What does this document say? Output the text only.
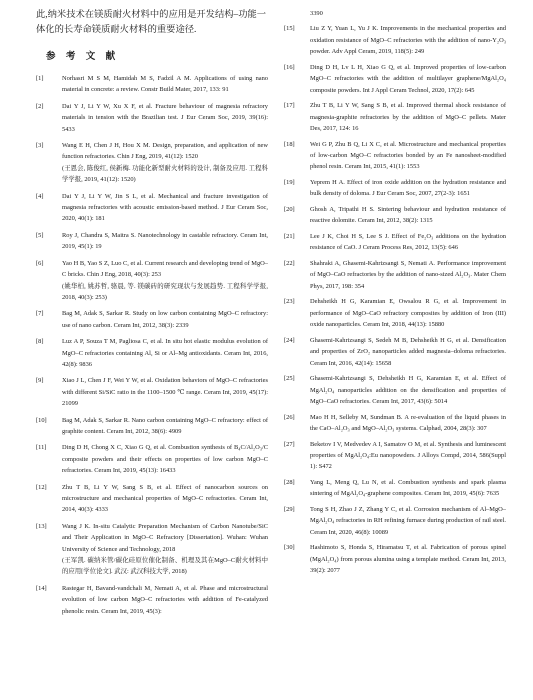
此,纳米技术在镁质耐火材料中的应用是开发结构–功能一体化的长寿命镁质耐火材料的重要途径.

参 考 文 献
[1]	Norhasri M S M, Hamidah M S, Fadzil A M. Applications of using nano material in concrete: a review. Constr Build Mater, 2017, 133: 91
[2]	Dai Y J, Li Y W, Xu X F, et al. Fracture behaviour of magnesia refractory materials in tension with the Brazilian test. J Eur Ceram Soc, 2019, 39(16): 5433
[3]	Wang E H, Chen J H, Hou X M. Design, preparation, and application of new function refractories. Chin J Eng, 2019, 41(12): 1520
(王恩会, 陈俊红, 侯新梅. 功能化新型耐火材料的设计, 制备及应用. 工程科学学报, 2019, 41(12): 1520)
[4]	Dai Y J, Li Y W, Jin S L, et al. Mechanical and fracture investigation of magnesia refractories with acoustic emission-based method. J Eur Ceram Soc, 2020, 40(1): 181
[5]	Roy J, Chandra S, Maitra S. Nanotechnology in castable refractory. Ceram Int, 2019, 45(1): 19
[6]	Yao H B, Yao S Z, Luo C, et al. Current research and developing trend of MgO–C bricks. Chin J Eng, 2018, 40(3): 253
(姚华柏, 姚苏哲, 骆晨, 等. 镁碳砖的研究现状与发展趋势. 工程科学学报, 2018, 40(3): 253)
[7]	Bag M, Adak S, Sarkar R. Study on low carbon containing MgO–C refractory: use of nano carbon. Ceram Int, 2012, 38(3): 2339
[8]	Luz A P, Souza T M, Pagliosa C, et al. In situ hot elastic modulus evolution of MgO–C refractories containing Al, Si or Al–Mg antioxidants. Ceram Int, 2016, 42(8): 9836
[9]	Xiao J L, Chen J F, Wei Y W, et al. Oxidation behaviors of MgO–C refractories with different Si/SiC ratio in the 1100–1500 ℃ range. Ceram Int, 2019, 45(17): 21099
[10] Bag M, Adak S, Sarkar R. Nano carbon containing MgO–C refractory: effect of graphite content. Ceram Int, 2012, 38(6): 4909
[11] Ding D H, Chong X C, Xiao G Q, et al. Combustion synthesis of B₄C/Al₂O₃/C composite powders and their effects on properties of low carbon MgO–C refractories. Ceram Int, 2019, 45(13): 16433
[12] Zhu T B, Li Y W, Sang S B, et al. Effect of nanocarbon sources on microstructure and mechanical properties of MgO–C refractories. Ceram Int, 2014, 40(3): 4333
[13] Wang J K. In-situ Catalytic Preparation Mechanism of Carbon Nanotube/SiC and Their Application in MgO–C Refractory [Dissertation]. Wuhan: Wuhan University of Science and Technology, 2018
(王军凯. 碳纳米管/碳化硅原位催化制备、机理及其在MgO–C耐火材料中的应用[学位论文]. 武汉: 武汉科技大学, 2018)
[14] Rastegar H, Bavand-vandchali M, Nemati A, et al. Phase and microstructural evolution of low carbon MgO–C refractories with addition of Fe-catalyzed phenolic resin. Ceram Int, 2019, 45(3):
3390
[15] Liu Z Y, Yuan L, Yu J K. Improvements in the mechanical properties and oxidation resistance of MgO–C refractories with the addition of nano-Y₂O₃ powder. Adv Appl Ceram, 2019, 118(5): 249
[16] Ding D H, Lv L H, Xiao G Q, et al. Improved properties of low-carbon MgO–C refractories with the addition of multilayer graphene/MgAl₂O₄ composite powders. Int J Appl Ceram Technol, 2020, 17(2): 645
[17] Zhu T B, Li Y W, Sang S B, et al. Improved thermal shock resistance of magnesia-graphite refractories by the addition of MgO–C pellets. Mater Des, 2017, 124: 16
[18] Wei G P, Zhu B Q, Li X C, et al. Microstructure and mechanical properties of low-carbon MgO–C refractories bonded by an Fe nanosheet-modified phenol resin. Ceram Int, 2015, 41(1): 1553
[19] Yeprem H A. Effect of iron oxide addition on the hydration resistance and bulk density of doloma. J Eur Ceram Soc, 2007, 27(2-3): 1651
[20] Ghosh A, Tripathi H S. Sintering behaviour and hydration resistance of reactive dolomite. Ceram Int, 2012, 38(2): 1315
[21] Lee J K, Choi H S, Lee S J. Effect of Fe₂O₃ additions on the hydration resistance of CaO. J Ceram Process Res, 2012, 13(5): 646
[22] Shahraki A, Ghasemi-Kahrizsangi S, Nemati A. Performance improvement of MgO–CaO refractories by the addition of nano-sized Al₂O₃. Mater Chem Phys, 2017, 198: 354
[23] Dehsheikh H G, Karamian E, Owsalou R G, et al. Improvement in performance of MgO–CaO refractory composites by addition of Iron (III) oxide nanoparticles. Ceram Int, 2018, 44(13): 15880
[24] Ghasemi-Kahrizsangi S, Sedeh M B, Dehsheikh H G, et al. Densification and properties of ZrO₂ nanoparticles added magnesia–doloma refractories. Ceram Int, 2016, 42(14): 15658
[25] Ghasemi-Kahrizsangi S, Dehsheikh H G, Karamian E, et al. Effect of MgAl₂O₄ nanoparticles addition on the densification and properties of MgO–CaO refractories. Ceram Int, 2017, 43(6): 5014
[26] Mao H H, Selleby M, Sundman B. A re-evaluation of the liquid phases in the CaO–Al₂O₃ and MgO–Al₂O₃ systems. Calphad, 2004, 28(3): 307
[27] Beketov I V, Medvedev A I, Samatov O M, et al. Synthesis and luminescent properties of MgAl₂O₄:Eu nanopowders. J Alloys Compd, 2014, 586(Suppl 1): S472
[28] Yang L, Meng Q, Lu N, et al. Combustion synthesis and spark plasma sintering of MgAl₂O₄-graphene composites. Ceram Int, 2019, 45(6): 7635
[29] Tong S H, Zhao J Z, Zhang Y C, et al. Corrosion mechanism of Al–MgO–MgAl₂O₄ refractories in RH refining furnace during production of rail steel. Ceram Int, 2020, 46(8): 10089
[30] Hashimoto S, Honda S, Hiramatsu T, et al. Fabrication of porous spinel (MgAl₂O₄) from porous alumina using a template method. Ceram Int, 2013, 39(2): 2077
